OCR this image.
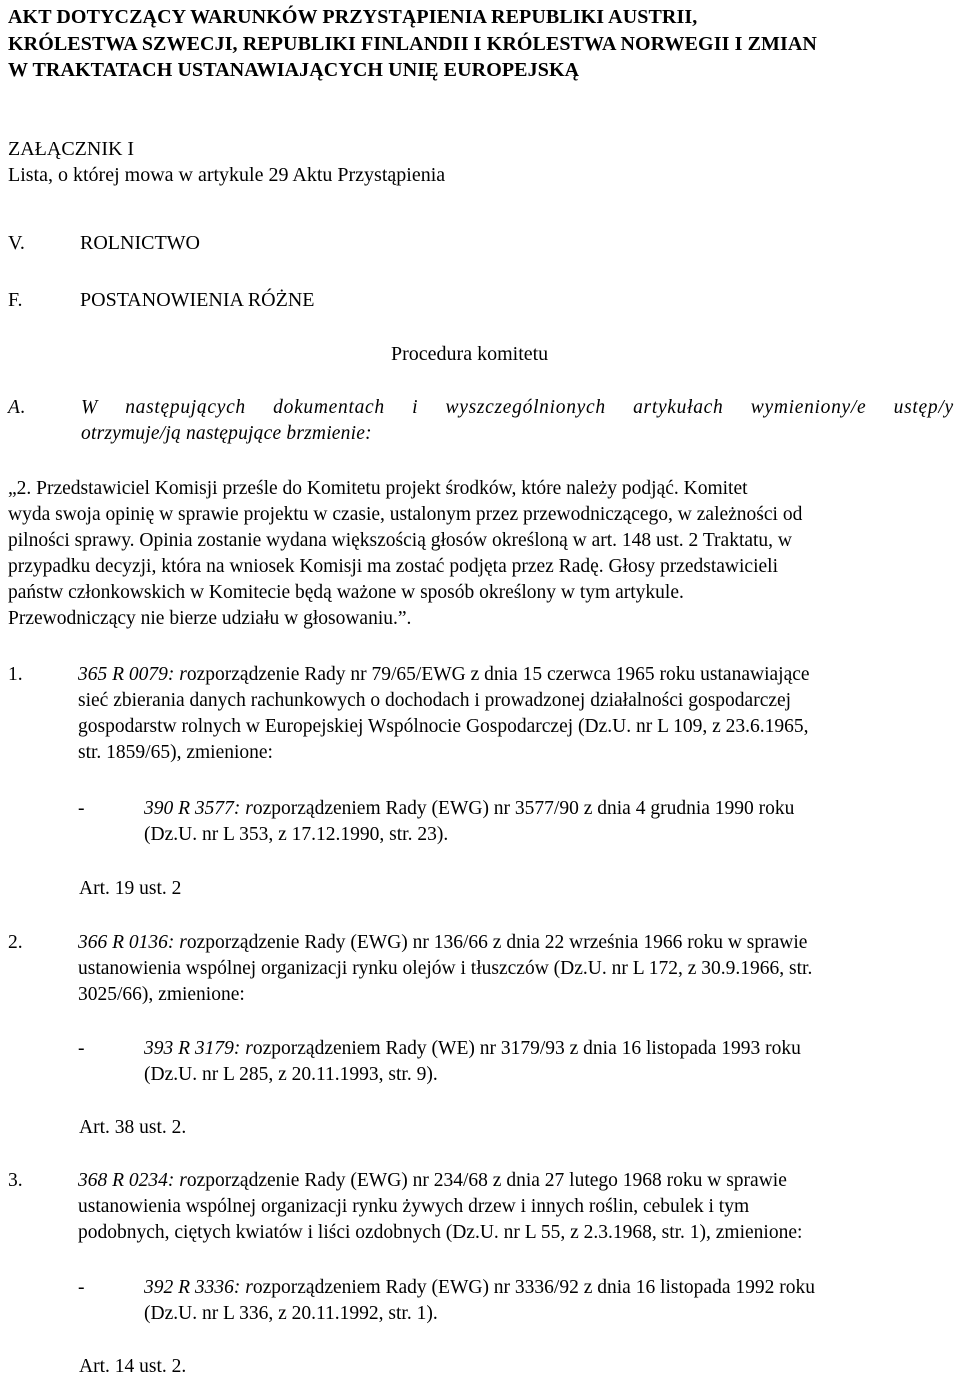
AKT DOTYCZĄCY WARUNKÓW PRZYSTĄPIENIA REPUBLIKI AUSTRII,
KRÓLESTWA SZWECJI, REPUBLIKI FINLANDII I KRÓLESTWA NORWEGII I ZMIAN
W TRAKTATACH USTANAWIAJĄCYCH UNIĘ EUROPEJSKĄ
ZAŁĄCZNIK I
Lista, o której mowa w artykule 29 Aktu Przystąpienia
V.	ROLNICTWO
F.	POSTANOWIENIA RÓŻNE
Procedura komitetu
A.	W następujących dokumentach i wyszczególnionych artykułach wymieniony/e ustęp/y
otrzymuje/ją następujące brzmienie:
„2. Przedstawiciel Komisji prześle do Komitetu projekt środków, które należy podjąć. Komitet
wyda swoja opinię w sprawie projektu w czasie, ustalonym przez przewodniczącego, w zależności od
pilności sprawy. Opinia zostanie wydana większością głosów określoną w art. 148 ust. 2 Traktatu, w
przypadku decyzji, która na wniosek Komisji ma zostać podjęta przez Radę. Głosy przedstawicieli
państw członkowskich w Komitecie będą ważone w sposób określony w tym artykule.
Przewodniczący nie bierze udziału w głosowaniu.”.
1.	365 R 0079: rozporządzenie Rady nr 79/65/EWG z dnia 15 czerwca 1965 roku ustanawiające
sieć zbierania danych rachunkowych o dochodach i prowadzonej działalności gospodarczej
gospodarstw rolnych w Europejskiej Wspólnocie Gospodarczej (Dz.U. nr L 109, z 23.6.1965,
str. 1859/65), zmienione:
-	390 R 3577: rozporządzeniem Rady (EWG) nr 3577/90 z dnia 4 grudnia 1990 roku
(Dz.U. nr L 353, z 17.12.1990, str. 23).
Art. 19 ust. 2
2.	366 R 0136: rozporządzenie Rady (EWG) nr 136/66 z dnia 22 września 1966 roku w sprawie
ustanowienia wspólnej organizacji rynku olejów i tłuszczów (Dz.U. nr L 172, z 30.9.1966, str.
3025/66), zmienione:
-	393 R 3179: rozporządzeniem Rady (WE) nr 3179/93 z dnia 16 listopada 1993 roku
(Dz.U. nr L 285, z 20.11.1993, str. 9).
Art. 38 ust. 2.
3.	368 R 0234: rozporządzenie Rady (EWG) nr 234/68 z dnia 27 lutego 1968 roku w sprawie
ustanowienia wspólnej organizacji rynku żywych drzew i innych roślin, cebulek i tym
podobnych, ciętych kwiatów i liści ozdobnych (Dz.U. nr L 55, z 2.3.1968, str. 1), zmienione:
-	392 R 3336: rozporządzeniem Rady (EWG) nr 3336/92 z dnia 16 listopada 1992 roku
(Dz.U. nr L 336, z 20.11.1992, str. 1).
Art. 14 ust. 2.
